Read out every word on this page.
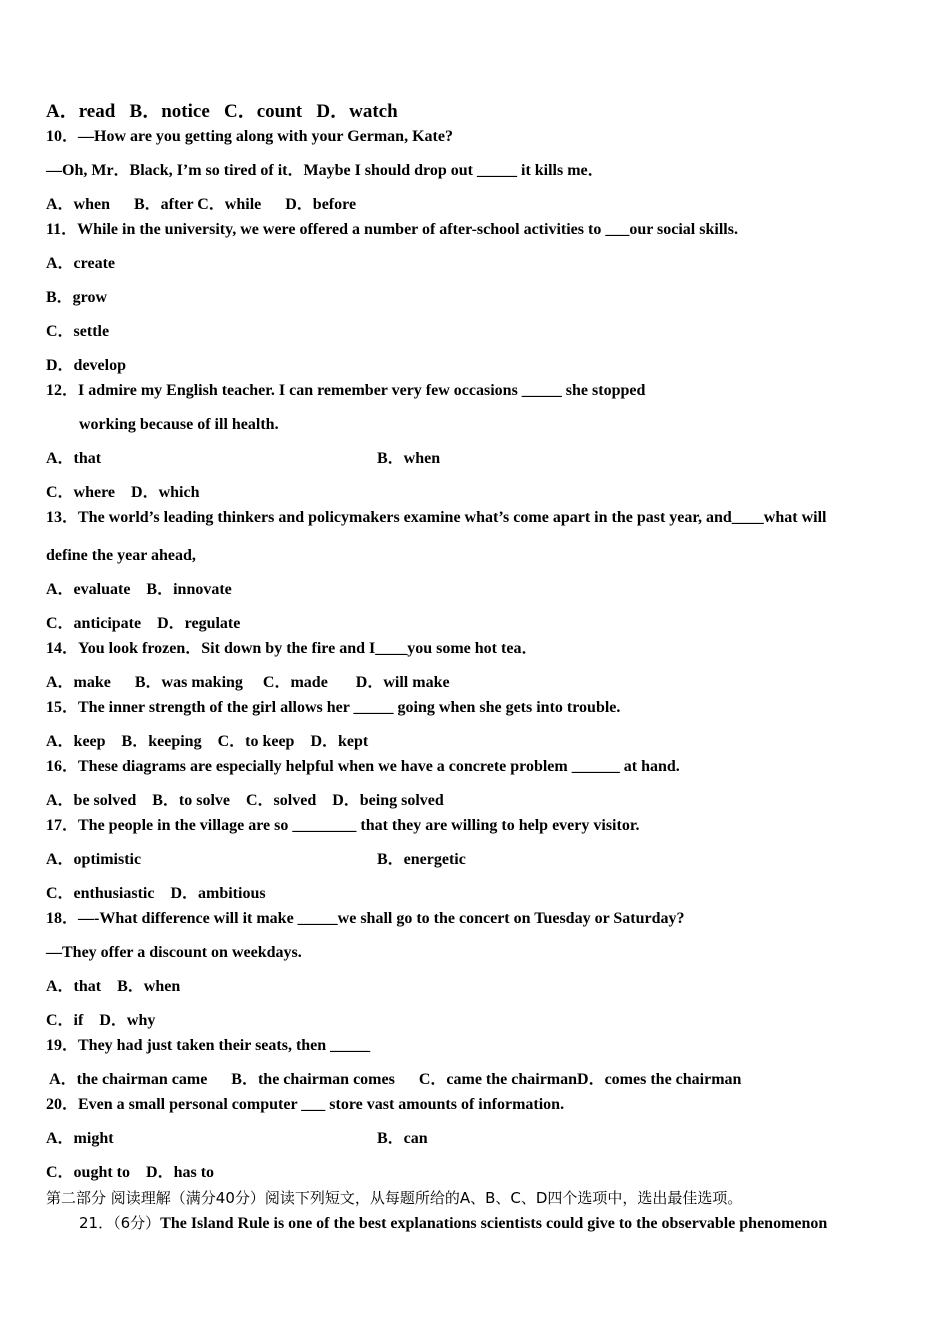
A．read   B．notice   C．count   D．watch
10．—How are you getting along with your German, Kate?
—Oh, Mr．Black, I’m so tired of it．Maybe I should drop out _____ it kills me．
A．when      B．after C．while      D．before
11．While in the university, we were offered a number of after-school activities to ___our social skills.
A．create
B．grow
C．settle
D．develop
12．I admire my English teacher. I can remember very few occasions _____ she stopped
working because of ill health.
A．that	B．when
C．where    D．which
13．The world’s leading thinkers and policymakers examine what’s come apart in the past year, and____what will
define the year ahead,
A．evaluate    B．innovate
C．anticipate    D．regulate
14．You look frozen．Sit down by the fire and I____you some hot tea．
A．make      B．was making     C．made       D．will make
15．The inner strength of the girl allows her _____ going when she gets into trouble.
A．keep    B．keeping    C．to keep    D．kept
16．These diagrams are especially helpful when we have a concrete problem ______ at hand.
A．be solved    B．to solve    C．solved    D．being solved
17．The people in the village are so ________ that they are willing to help every visitor.
A．optimistic	B．energetic
C．enthusiastic    D．ambitious
18．—-What difference will it make _____we shall go to the concert on Tuesday or Saturday?
—They offer a discount on weekdays.
A．that    B．when
C．if    D．why
19．They had just taken their seats, then _____
A．the chairman came      B．the chairman comes      C．came the chairmanD．comes the chairman
20．Even a small personal computer ___ store vast amounts of information.
A．might	B．can
C．ought to    D．has to
第二部分 阅读理解（满分40分）阅读下列短文，从每题所给的A、B、C、D四个选项中，选出最佳选项。
21．（6分）The Island Rule is one of the best explanations scientists could give to the observable phenomenon
